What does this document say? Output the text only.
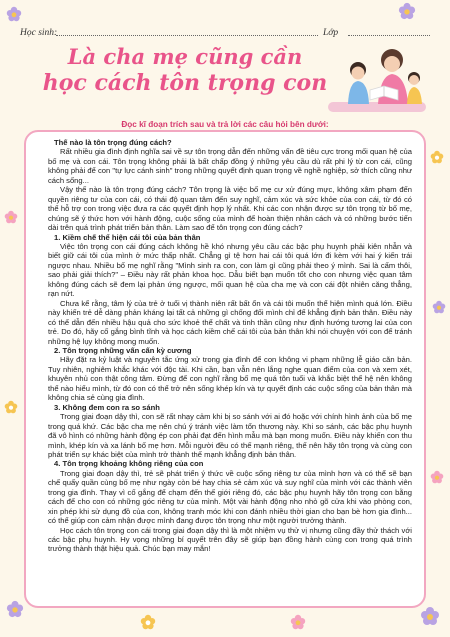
Học sinh:	Lớp
Là cha mẹ cũng cần
học cách tôn trọng con
Đọc kĩ đoạn trích sau và trả lời các câu hỏi bên dưới:
Thế nào là tôn trọng đúng cách?

Rất nhiều gia đình định nghĩa sai về sự tôn trọng dẫn đến những vấn đề tiêu cực trong mối quan hệ của bố mẹ và con cái. Tôn trọng không phải là bất chấp đồng ý những yêu cầu dù rất phi lý từ con cái, cũng không phải để con "tự lực cánh sinh" trong những quyết định quan trọng về nghề nghiệp, sở thích cũng như cách sống...

Vậy thế nào là tôn trọng đúng cách? Tôn trọng là việc bố mẹ cư xử đúng mực, không xâm phạm đến quyền riêng tư của con cái, có thái độ quan tâm đến suy nghĩ, cảm xúc và sức khỏe của con cái, từ đó có thể hỗ trợ con trong việc đưa ra các quyết định hợp lý nhất. Khi các con nhận được sự tôn trọng từ bố mẹ, chúng sẽ ý thức hơn với hành động, cuộc sống của mình để hoàn thiện nhân cách và có những bước tiến dài trên quá trình phát triển bản thân. Làm sao để tôn trọng con đúng cách?

1. Kiềm chế thể hiện cái tôi của bản thân

Việc tôn trọng con cái đúng cách không hề khó nhưng yêu cầu các bậc phụ huynh phải kiên nhẫn và biết giữ cái tôi của mình ở mức thấp nhất. Chẳng gì tệ hơn hai cái tôi quá lớn đi kèm với hai ý kiến trái ngược nhau. Nhiều bố mẹ nghĩ rằng "Mình sinh ra con, con làm gì cũng phải theo ý mình. Sai là cấm thôi, sao phải giải thích?" – Điều này rất phản khoa học. Dẫu biết bạn muốn tốt cho con nhưng việc quan tâm không đúng cách sẽ đem lại phản ứng ngược, mối quan hệ của cha mẹ và con cái đột nhiên căng thẳng, rạn nứt.

Chưa kể rằng, tâm lý của trẻ ở tuổi vị thành niên rất bất ổn và cái tôi muốn thể hiện mình quá lớn. Điều này khiến trẻ dễ dàng phản kháng lại tất cả những gì chống đối mình chỉ để khẳng định bản thân. Điều này có thể dẫn đến nhiều hậu quả cho sức khoẻ thể chất và tinh thần cũng như định hướng tương lai của con trẻ. Do đó, hãy cố gắng bình tĩnh và học cách kiềm chế cái tôi của bản thân khi nói chuyện với con để tránh những hệ lụy không mong muốn.

2. Tôn trọng những vấn cấn kỳ cương

Hãy đặt ra kỷ luật và nguyên tắc ứng xử trong gia đình để con không vi phạm những lễ giáo căn bản. Tuy nhiên, nghiêm khắc khác với độc tài. Khi cần, bạn vẫn nên lắng nghe quan điểm của con và xem xét, khuyên nhủ con thật công tâm. Đừng để con nghĩ rằng bố mẹ quá tôn tuổi và khắc biệt thể hệ nên không thể nào hiểu mình, từ đó con có thể trở nên sống khép kín và tự quyết định các cuộc sống của bản thân mà không chia sẻ cùng gia đình.

3. Không đem con ra so sánh

Trong giai đoạn dậy thì, con sẽ rất nhạy cảm khi bị so sánh với ai đó hoặc với chính hình ảnh của bố mẹ trong quá khứ. Các bậc cha mẹ nên chú ý tránh việc làm tổn thương này. Khi so sánh, các bậc phụ huynh đã vô hình có những hành động ép con phải đạt đến hình mẫu mà bạn mong muốn. Điều này khiến con thu mình, khép kín và xa lánh bố mẹ hơn. Mỗi người đều có thế mạnh riêng, thế nên hãy tôn trọng và cùng con phát triển sự khác biệt của mình trở thành thế mạnh khẳng định bản thân.

4. Tôn trọng khoảng không riêng của con

Trong giai đoạn dậy thì, trẻ sẽ phát triển ý thức về cuộc sống riêng tư của mình hơn và có thể sẽ bạn chế quấy quần cùng bố mẹ như ngày còn bé hay chia sẻ cảm xúc và suy nghĩ của mình với các thành viên trong gia đình. Thay vì cố gắng để chạm đến thế giới riêng đó, các bậc phụ huynh hãy tôn trọng con bằng cách để cho con có những góc riêng tư của mình. Một vài hành động nho nhỏ gõ cửa khi vào phòng con, xin phép khi sử dụng đồ của con, không tranh móc khi con đánh nhiều thời gian cho bạn bè hơn gia đình... có thể giúp con cảm nhận được mình đang được tôn trọng như một người trưởng thành.

Học cách tôn trọng con cái trong giai đoạn dậy thì là một nhiệm vụ thử vị nhưng cũng đầy thử thách với các bậc phụ huynh. Hy vọng những bí quyết trên đây sẽ giúp bạn đồng hành cùng con trong quá trình trưởng thành thật hiệu quả. Chúc bạn may mắn!
